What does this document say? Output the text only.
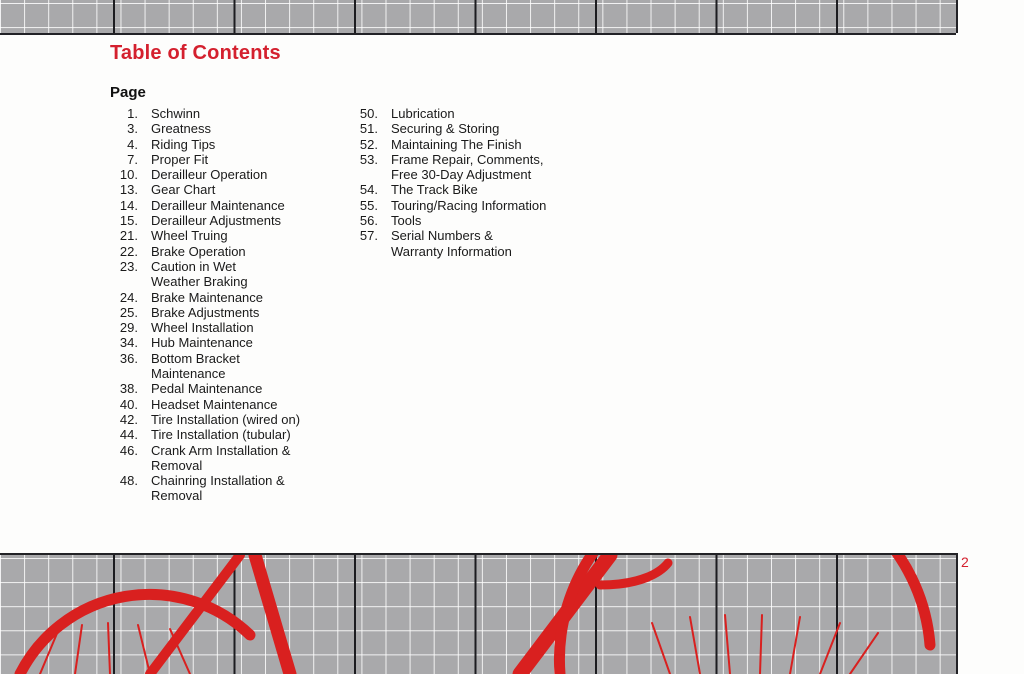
Table of Contents
Page
1.	Schwinn
3.	Greatness
4.	Riding Tips
7.	Proper Fit
10.	Derailleur Operation
13.	Gear Chart
14.	Derailleur Maintenance
15.	Derailleur Adjustments
21.	Wheel Truing
22.	Brake Operation
23.	Caution in Wet
Weather Braking
24.	Brake Maintenance
25.	Brake Adjustments
29.	Wheel Installation
34.	Hub Maintenance
36.	Bottom Bracket
Maintenance
38.	Pedal Maintenance
40.	Headset Maintenance
42.	Tire Installation (wired on)
44.	Tire Installation (tubular)
46.	Crank Arm Installation &
Removal
48.	Chainring Installation &
Removal
50.	Lubrication
51.	Securing & Storing
52.	Maintaining The Finish
53.	Frame Repair, Comments,
Free 30-Day Adjustment
54.	The Track Bike
55.	Touring/Racing Information
56.	Tools
57.	Serial Numbers &
Warranty Information
2
